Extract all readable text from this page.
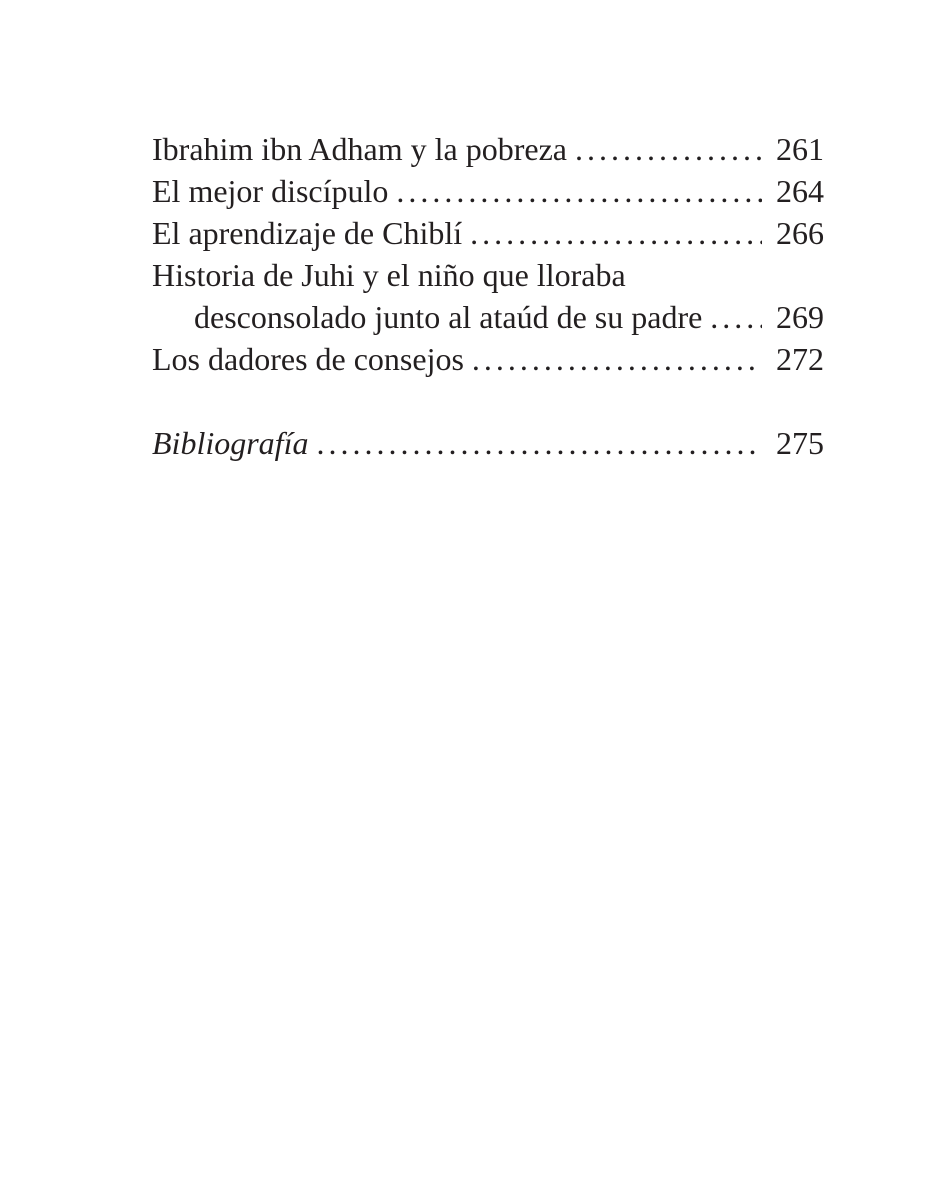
Ibrahim ibn Adham y la pobreza . . .	261
El mejor discípulo . . .	264
El aprendizaje de Chiblí . . .	266
Historia de Juhi y el niño que lloraba
desconsolado junto al ataúd de su padre . . . 269
Los dadores de consejos . . .	272
Bibliografía . . .	275
